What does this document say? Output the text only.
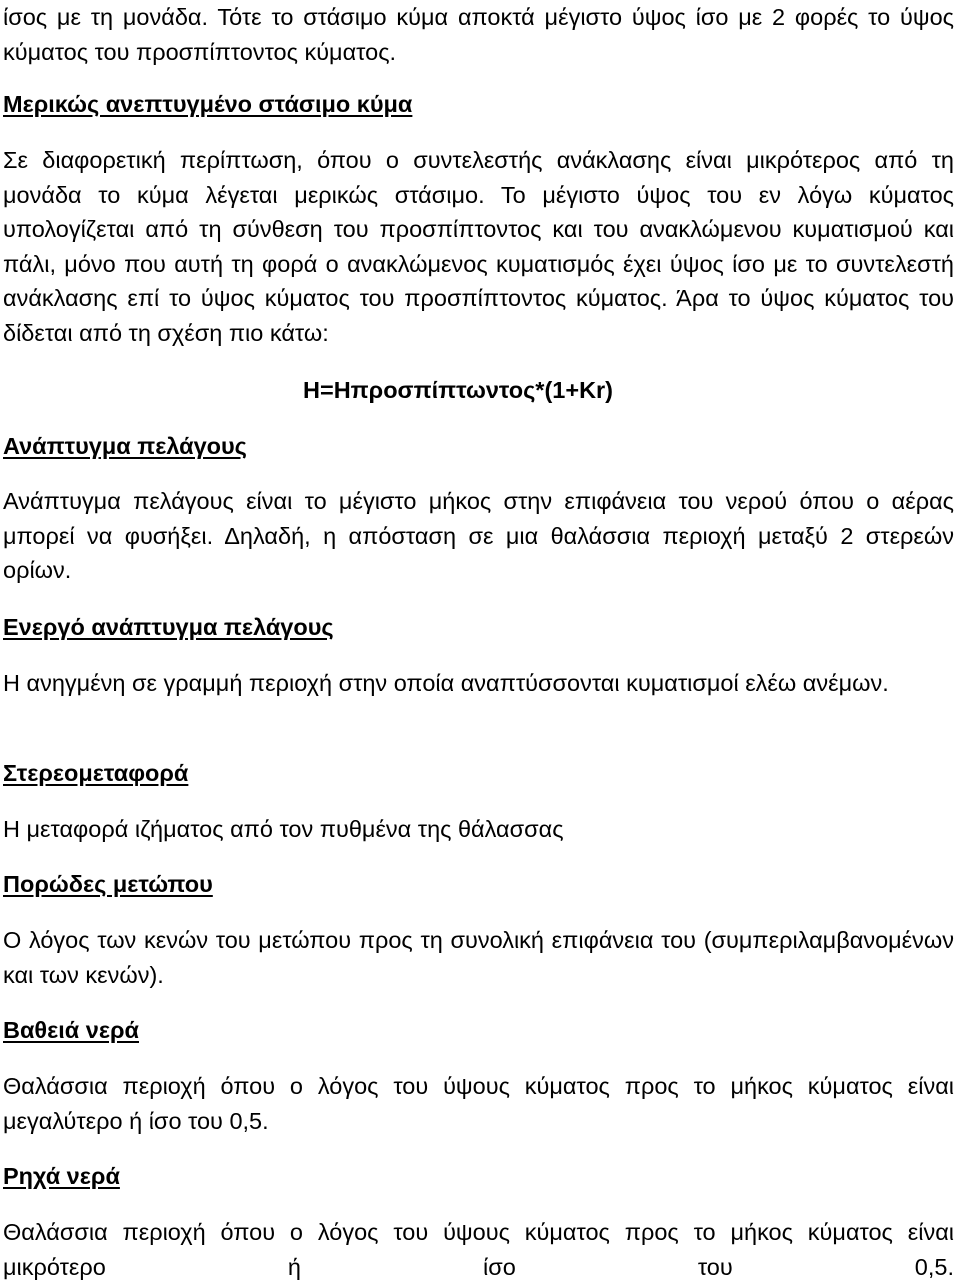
ίσος με τη μονάδα. Τότε το στάσιμο κύμα αποκτά μέγιστο ύψος ίσο με 2 φορές το ύψος κύματος του προσπίπτοντος κύματος.

Μερικώς ανεπτυγμένο στάσιμο κύμα

Σε διαφορετική περίπτωση, όπου ο συντελεστής ανάκλασης είναι μικρότερος από τη μονάδα το κύμα λέγεται μερικώς στάσιμο. Το μέγιστο ύψος του εν λόγω κύματος υπολογίζεται από τη σύνθεση του προσπίπτοντος και του ανακλώμενου κυματισμού και πάλι, μόνο που αυτή τη φορά ο ανακλώμενος κυματισμός έχει ύψος ίσο με το συντελεστή ανάκλασης επί το ύψος κύματος του προσπίπτοντος κύματος. Άρα το ύψος κύματος του δίδεται από τη σχέση πιο κάτω:

H=Hπροσπίπτωντος*(1+Kr)

Ανάπτυγμα πελάγους

Ανάπτυγμα πελάγους είναι το μέγιστο μήκος στην επιφάνεια του νερού όπου ο αέρας μπορεί να φυσήξει. Δηλαδή, η απόσταση σε μια θαλάσσια περιοχή μεταξύ 2 στερεών ορίων.

Ενεργό ανάπτυγμα πελάγους

Η ανηγμένη σε γραμμή περιοχή στην οποία αναπτύσσονται κυματισμοί ελέω ανέμων.

Στερεομεταφορά

Η μεταφορά ιζήματος από τον πυθμένα της θάλασσας

Πορώδες μετώπου

Ο λόγος των κενών του μετώπου προς τη συνολική επιφάνεια του (συμπεριλαμβανομένων και των κενών).

Βαθειά νερά

Θαλάσσια περιοχή όπου ο λόγος του ύψους κύματος προς το μήκος κύματος είναι μεγαλύτερο ή ίσο του 0,5.

Ρηχά νερά

Θαλάσσια περιοχή όπου ο λόγος του ύψους κύματος προς το μήκος κύματος είναι μικρότερο ή ίσο του 0,5.
